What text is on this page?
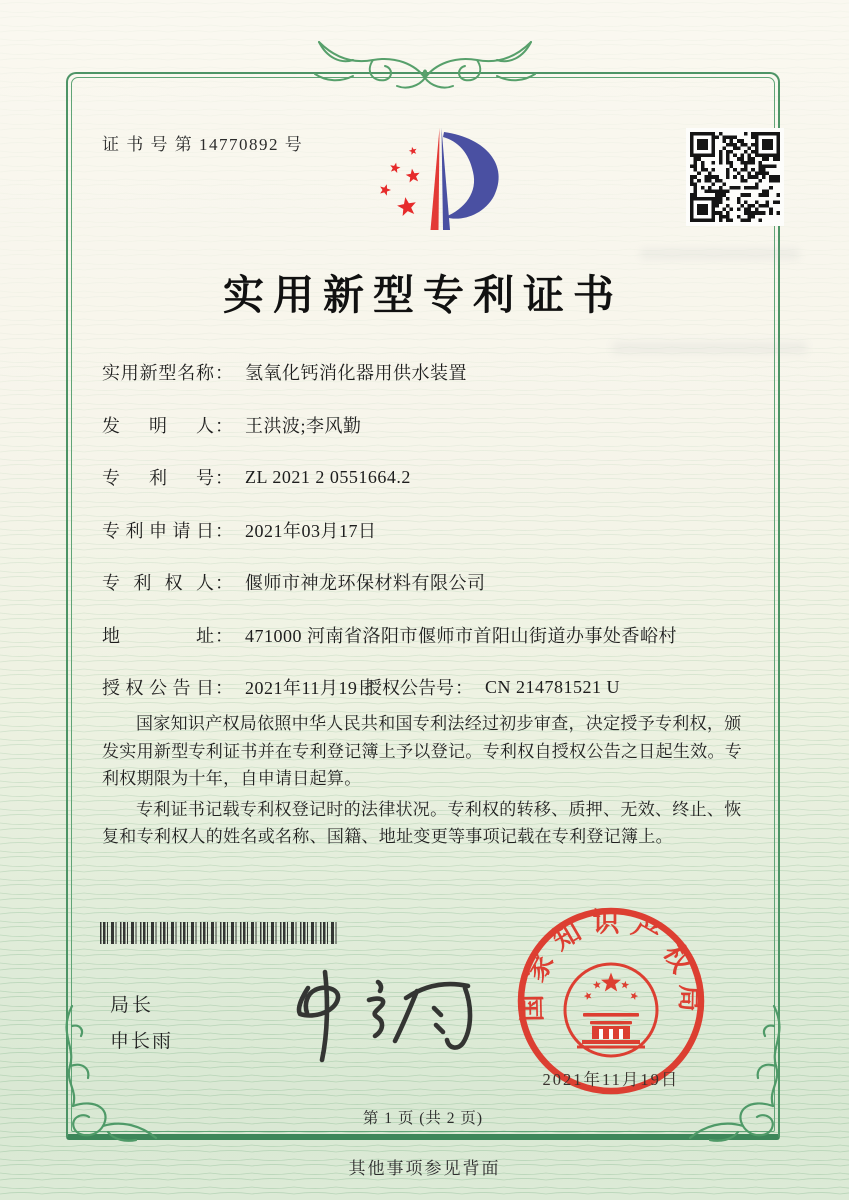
证 书 号 第 14770892 号
实用新型专利证书
实用新型名称 ： 氢氧化钙消化器用供水装置
发明人 ： 王洪波;李风勤
专利号 ： ZL 2021 2 0551664.2
专利申请日 ： 2021年03月17日
专利权人 ： 偃师市神龙环保材料有限公司
地址 ： 471000 河南省洛阳市偃师市首阳山街道办事处香峪村
授权公告日 ： 2021年11月19日
授权公告号 ： CN 214781521 U

国家知识产权局依照中华人民共和国专利法经过初步审查，决定授予专利权，颁发实用新型专利证书并在专利登记簿上予以登记。专利权自授权公告之日起生效。专利权期限为十年，自申请日起算。

专利证书记载专利权登记时的法律状况。专利权的转移、质押、无效、终止、恢复和专利权人的姓名或名称、国籍、地址变更等事项记载在专利登记簿上。

局长
申长雨
国家知识产权局
2021年11月19日
第 1 页 (共 2 页)
其他事项参见背面
